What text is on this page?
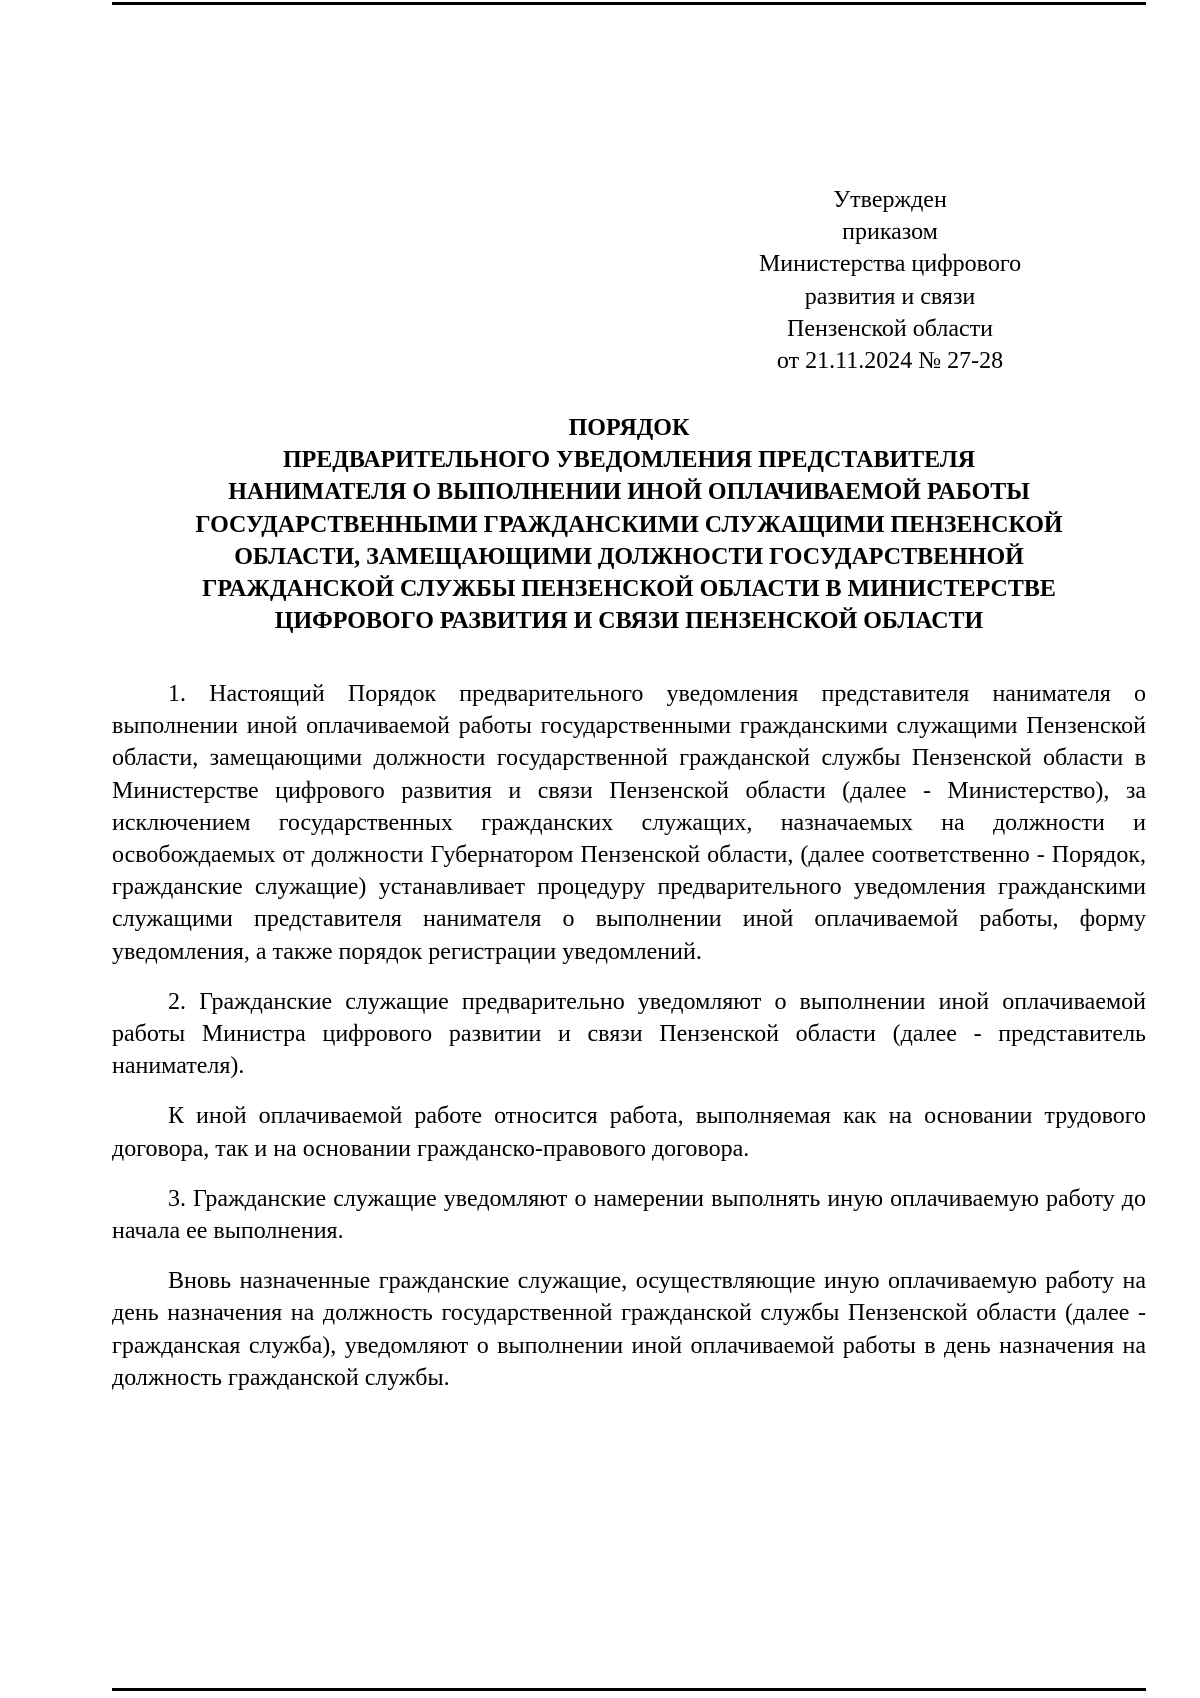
Утвержден
приказом
Министерства цифрового
развития и связи
Пензенской области
от 21.11.2024 № 27-28
ПОРЯДОК
ПРЕДВАРИТЕЛЬНОГО УВЕДОМЛЕНИЯ ПРЕДСТАВИТЕЛЯ
НАНИМАТЕЛЯ О ВЫПОЛНЕНИИ ИНОЙ ОПЛАЧИВАЕМОЙ РАБОТЫ
ГОСУДАРСТВЕННЫМИ ГРАЖДАНСКИМИ СЛУЖАЩИМИ ПЕНЗЕНСКОЙ
ОБЛАСТИ, ЗАМЕЩАЮЩИМИ ДОЛЖНОСТИ ГОСУДАРСТВЕННОЙ
ГРАЖДАНСКОЙ СЛУЖБЫ ПЕНЗЕНСКОЙ ОБЛАСТИ В МИНИСТЕРСТВЕ
ЦИФРОВОГО РАЗВИТИЯ И СВЯЗИ ПЕНЗЕНСКОЙ ОБЛАСТИ

1. Настоящий Порядок предварительного уведомления представителя нанимателя о выполнении иной оплачиваемой работы государственными гражданскими служащими Пензенской области, замещающими должности государственной гражданской службы Пензенской области в Министерстве цифрового развития и связи Пензенской области (далее - Министерство), за исключением государственных гражданских служащих, назначаемых на должности и освобождаемых от должности Губернатором Пензенской области, (далее соответственно - Порядок, гражданские служащие) устанавливает процедуру предварительного уведомления гражданскими служащими представителя нанимателя о выполнении иной оплачиваемой работы, форму уведомления, а также порядок регистрации уведомлений.

2. Гражданские служащие предварительно уведомляют о выполнении иной оплачиваемой работы Министра цифрового развитии и связи Пензенской области (далее - представитель нанимателя).

К иной оплачиваемой работе относится работа, выполняемая как на основании трудового договора, так и на основании гражданско-правового договора.

3. Гражданские служащие уведомляют о намерении выполнять иную оплачиваемую работу до начала ее выполнения.

Вновь назначенные гражданские служащие, осуществляющие иную оплачиваемую работу на день назначения на должность государственной гражданской службы Пензенской области (далее - гражданская служба), уведомляют о выполнении иной оплачиваемой работы в день назначения на должность гражданской службы.
